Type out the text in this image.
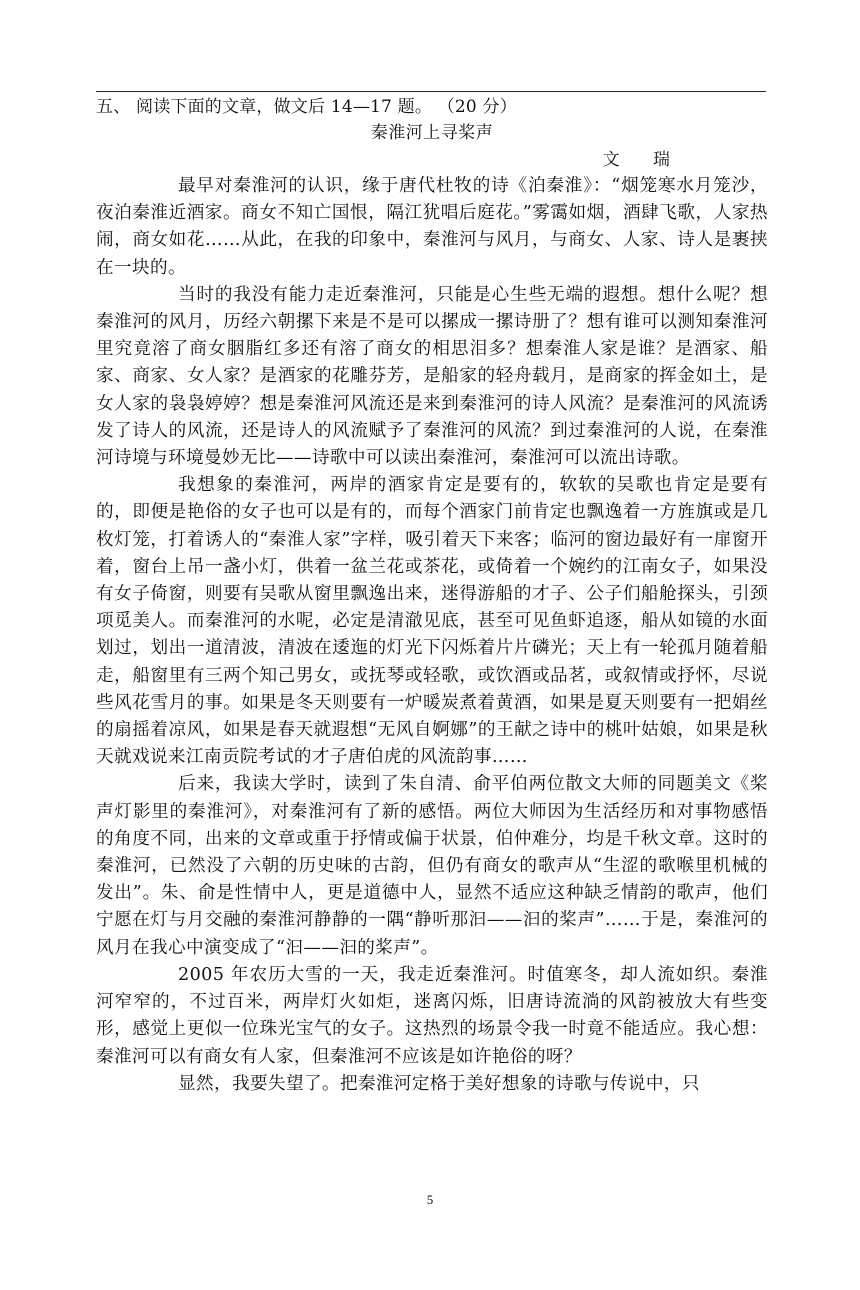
五、 阅读下面的文章，做文后 14—17 题。 （20 分）
秦淮河上寻桨声
文 瑞

最早对秦淮河的认识，缘于唐代杜牧的诗《泊秦淮》：“烟笼寒水月笼沙，夜泊秦淮近酒家。商女不知亡国恨，隔江犹唱后庭花。”雾霭如烟，酒肆飞歌，人家热闹，商女如花……从此，在我的印象中，秦淮河与风月，与商女、人家、诗人是裹挟在一块的。

当时的我没有能力走近秦淮河，只能是心生些无端的遐想。想什么呢？想秦淮河的风月，历经六朝摞下来是不是可以摞成一摞诗册了？想有谁可以测知秦淮河里究竟溶了商女胭脂红多还有溶了商女的相思泪多？想秦淮人家是谁？是酒家、船家、商家、女人家？是酒家的花雕芬芳，是船家的轻舟载月，是商家的挥金如土，是女人家的袅袅婷婷？想是秦淮河风流还是来到秦淮河的诗人风流？是秦淮河的风流诱发了诗人的风流，还是诗人的风流赋予了秦淮河的风流？到过秦淮河的人说，在秦淮河诗境与环境曼妙无比——诗歌中可以读出秦淮河，秦淮河可以流出诗歌。

我想象的秦淮河，两岸的酒家肯定是要有的，软软的吴歌也肯定是要有的，即便是艳俗的女子也可以是有的，而每个酒家门前肯定也飘逸着一方旌旗或是几枚灯笼，打着诱人的“秦淮人家”字样，吸引着天下来客；临河的窗边最好有一扉窗开着，窗台上吊一盏小灯，供着一盆兰花或茶花，或倚着一个婉约的江南女子，如果没有女子倚窗，则要有吴歌从窗里飘逸出来，迷得游船的才子、公子们船舱探头，引颈项觅美人。而秦淮河的水呢，必定是清澈见底，甚至可见鱼虾追逐，船从如镜的水面划过，划出一道清波，清波在逶迤的灯光下闪烁着片片磷光；天上有一轮孤月随着船走，船窗里有三两个知己男女，或抚琴或轻歌，或饮酒或品茗，或叙情或抒怀，尽说些风花雪月的事。如果是冬天则要有一炉暖炭煮着黄酒，如果是夏天则要有一把娟丝的扇摇着凉风，如果是春天就遐想“无风自婀娜”的王献之诗中的桃叶姑娘，如果是秋天就戏说来江南贡院考试的才子唐伯虎的风流韵事……

后来，我读大学时，读到了朱自清、俞平伯两位散文大师的同题美文《桨声灯影里的秦淮河》，对秦淮河有了新的感悟。两位大师因为生活经历和对事物感悟的角度不同，出来的文章或重于抒情或偏于状景，伯仲难分，均是千秋文章。这时的秦淮河，已然没了六朝的历史味的古韵，但仍有商女的歌声从“生涩的歌喉里机械的发出”。朱、俞是性情中人，更是道德中人，显然不适应这种缺乏情韵的歌声，他们宁愿在灯与月交融的秦淮河静静的一隅“静听那汩——汩的桨声”……于是，秦淮河的风月在我心中演变成了“汩——汩的桨声”。

2005 年农历大雪的一天，我走近秦淮河。时值寒冬，却人流如织。秦淮河窄窄的，不过百米，两岸灯火如炬，迷离闪烁，旧唐诗流淌的风韵被放大有些变形，感觉上更似一位珠光宝气的女子。这热烈的场景令我一时竟不能适应。我心想：秦淮河可以有商女有人家，但秦淮河不应该是如许艳俗的呀？

显然，我要失望了。把秦淮河定格于美好想象的诗歌与传说中，只

5
